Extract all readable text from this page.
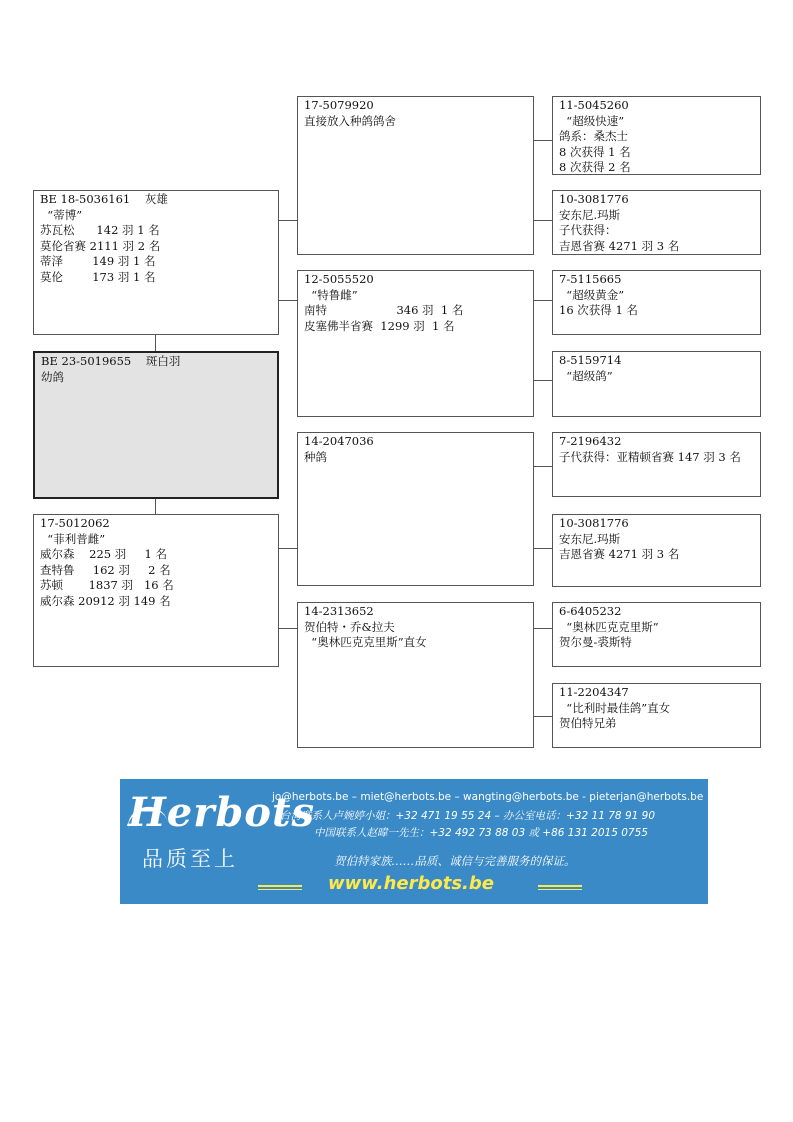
BE 18-5036161    灰雄
“蒂博”
苏瓦松      142 羽 1 名
莫伦省赛 2111 羽 2 名
蒂泽        149 羽 1 名
莫伦        173 羽 1 名
BE 23-5019655    斑白羽
幼鸽
17-5012062
“菲利普雌”
威尔森    225 羽     1 名
查特鲁     162 羽     2 名
苏顿       1837 羽   16 名
威尔森 20912 羽 149 名
17-5079920
直接放入种鸽鸽舍
12-5055520
“特鲁雌”
南特                   346 羽  1 名
皮塞佛半省赛  1299 羽  1 名
14-2047036
种鸽
14-2313652
贺伯特・乔&拉夫
“奥林匹克克里斯”直女
11-5045260
“超级快速”
鸽系：桑杰士
8 次获得 1 名
8 次获得 2 名
10-3081776
安东尼.玛斯
子代获得：
吉恩省赛 4271 羽 3 名
7-5115665
“超级黄金”
16 次获得 1 名
8-5159714
“超级鸽”
7-2196432
子代获得：亚精顿省赛 147 羽 3 名
10-3081776
安东尼.玛斯
吉恩省赛 4271 羽 3 名
6-6405232
“奥林匹克克里斯”
贺尔曼-裘斯特
11-2204347
“比利时最佳鸽”直女
贺伯特兄弟
Herbots
品质至上
jo@herbots.be – miet@herbots.be – wangting@herbots.be - pieterjan@herbots.be
台湾联系人卢婉婷小姐：+32 471 19 55 24 – 办公室电话：+32 11 78 91 90
中国联系人赵暐一先生：+32 492 73 88 03 或 +86 131 2015 0755
贺伯特家族……品质、诚信与完善服务的保证。
www.herbots.be
